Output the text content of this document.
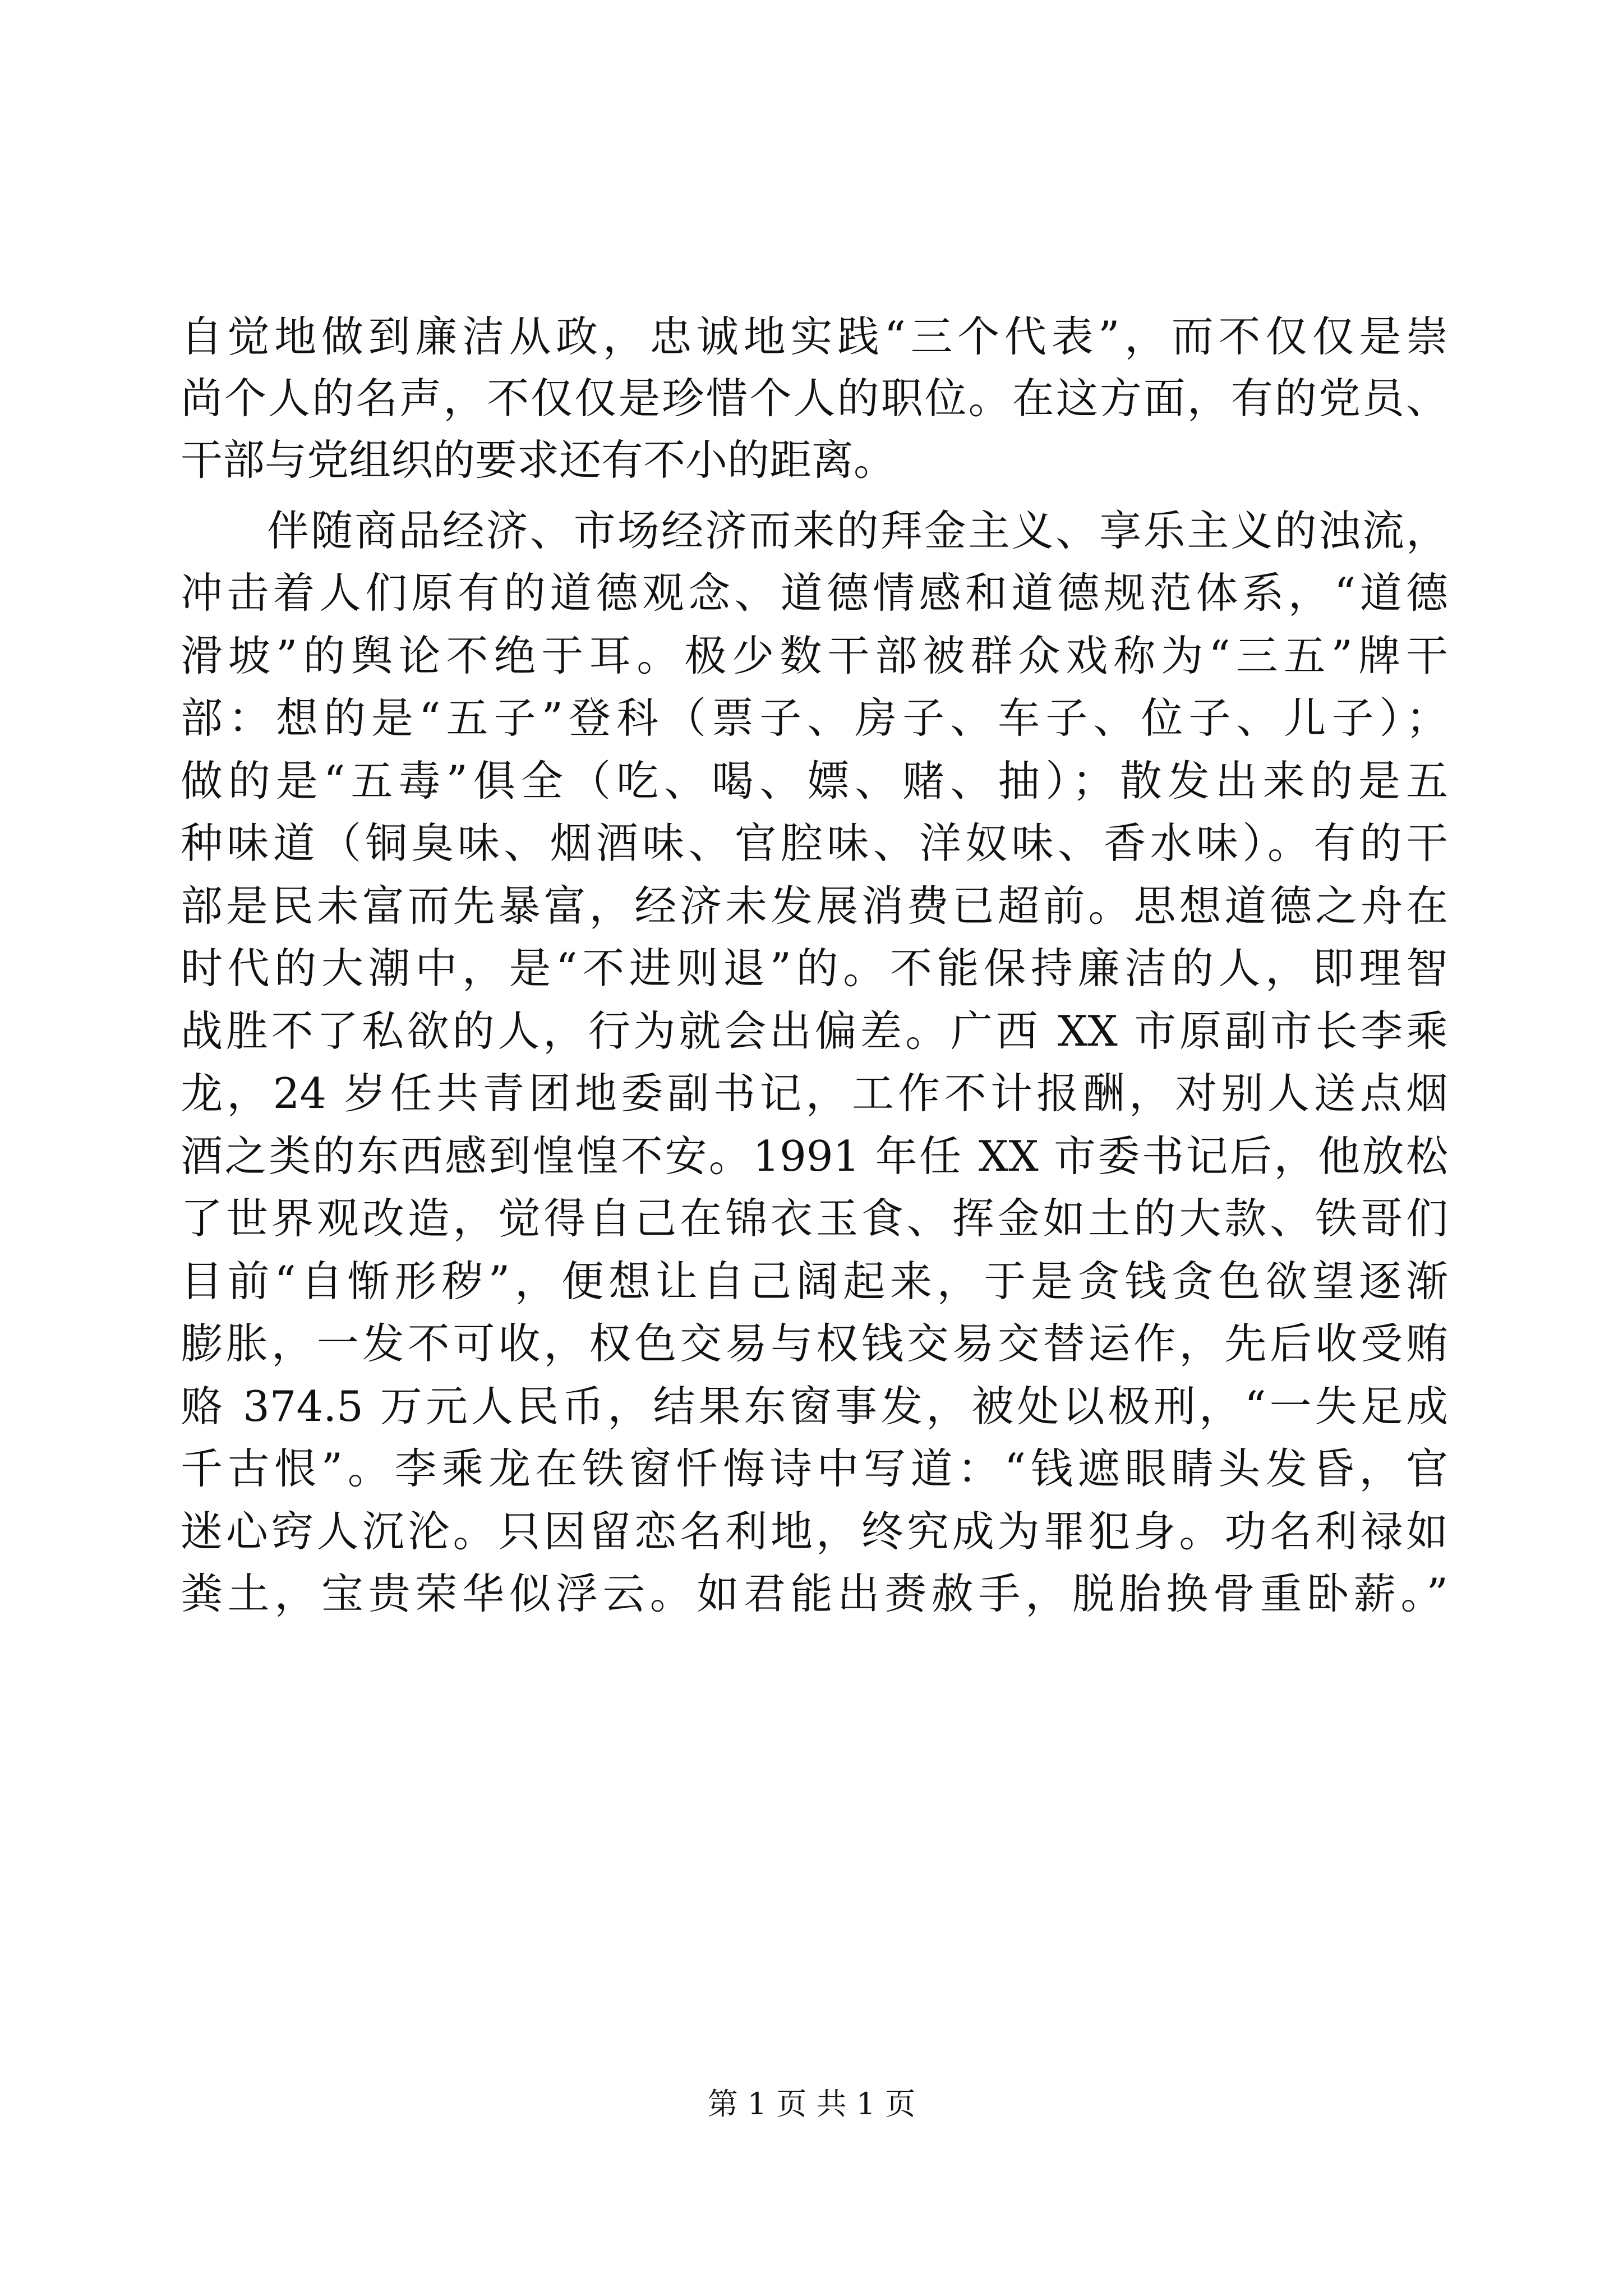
自觉地做到廉洁从政，忠诚地实践“三个代表”，而不仅仅是崇
尚个人的名声，不仅仅是珍惜个人的职位。在这方面，有的党员、
干部与党组织的要求还有不小的距离。
伴随商品经济、市场经济而来的拜金主义、享乐主义的浊流，
冲击着人们原有的道德观念、道德情感和道德规范体系，“道德
滑坡”的舆论不绝于耳。极少数干部被群众戏称为“三五”牌干
部：想的是“五子”登科（票子、房子、车子、位子、儿子）；
做的是“五毒”俱全（吃、喝、嫖、赌、抽）；散发出来的是五
种味道（铜臭味、烟酒味、官腔味、洋奴味、香水味）。有的干
部是民未富而先暴富，经济未发展消费已超前。思想道德之舟在
时代的大潮中，是“不进则退”的。不能保持廉洁的人，即理智
战胜不了私欲的人，行为就会出偏差。广西 XX 市原副市长李乘
龙，24 岁任共青团地委副书记，工作不计报酬，对别人送点烟
酒之类的东西感到惶惶不安。1991 年任 XX 市委书记后，他放松
了世界观改造，觉得自己在锦衣玉食、挥金如土的大款、铁哥们
目前“自惭形秽”，便想让自己阔起来，于是贪钱贪色欲望逐渐
膨胀，一发不可收，权色交易与权钱交易交替运作，先后收受贿
赂 374.5 万元人民币，结果东窗事发，被处以极刑，“一失足成
千古恨”。李乘龙在铁窗忏悔诗中写道：“钱遮眼睛头发昏，官
迷心窍人沉沦。只因留恋名利地，终究成为罪犯身。功名利禄如
粪土，宝贵荣华似浮云。如君能出赉赦手，脱胎换骨重卧薪。”
第 1 页 共 1 页
